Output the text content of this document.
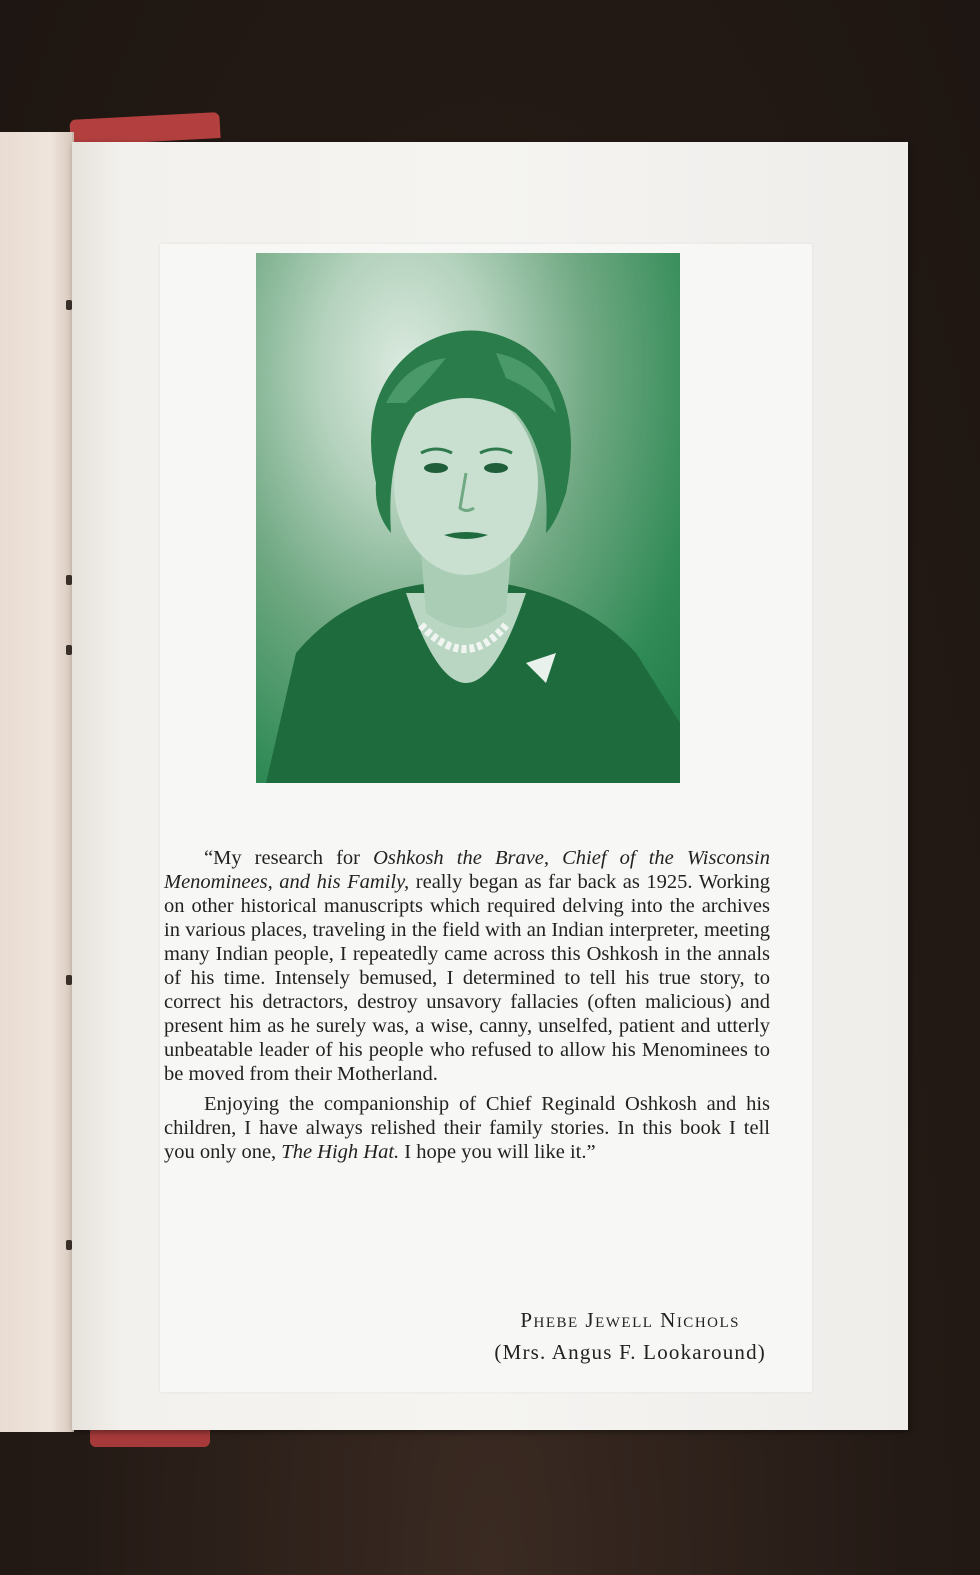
“My research for Oshkosh the Brave, Chief of the Wisconsin Menominees, and his Family, really began as far back as 1925. Working on other historical manuscripts which required delving into the archives in various places, traveling in the field with an Indian interpreter, meeting many Indian people, I repeatedly came across this Oshkosh in the annals of his time. Intensely bemused, I determined to tell his true story, to correct his detractors, destroy unsavory fallacies (often malicious) and present him as he surely was, a wise, canny, unselfed, patient and utterly unbeatable leader of his people who refused to allow his Menominees to be moved from their Motherland.

Enjoying the companionship of Chief Reginald Oshkosh and his children, I have always relished their family stories. In this book I tell you only one, The High Hat. I hope you will like it.”

Phebe Jewell Nichols

(Mrs. Angus F. Lookaround)
